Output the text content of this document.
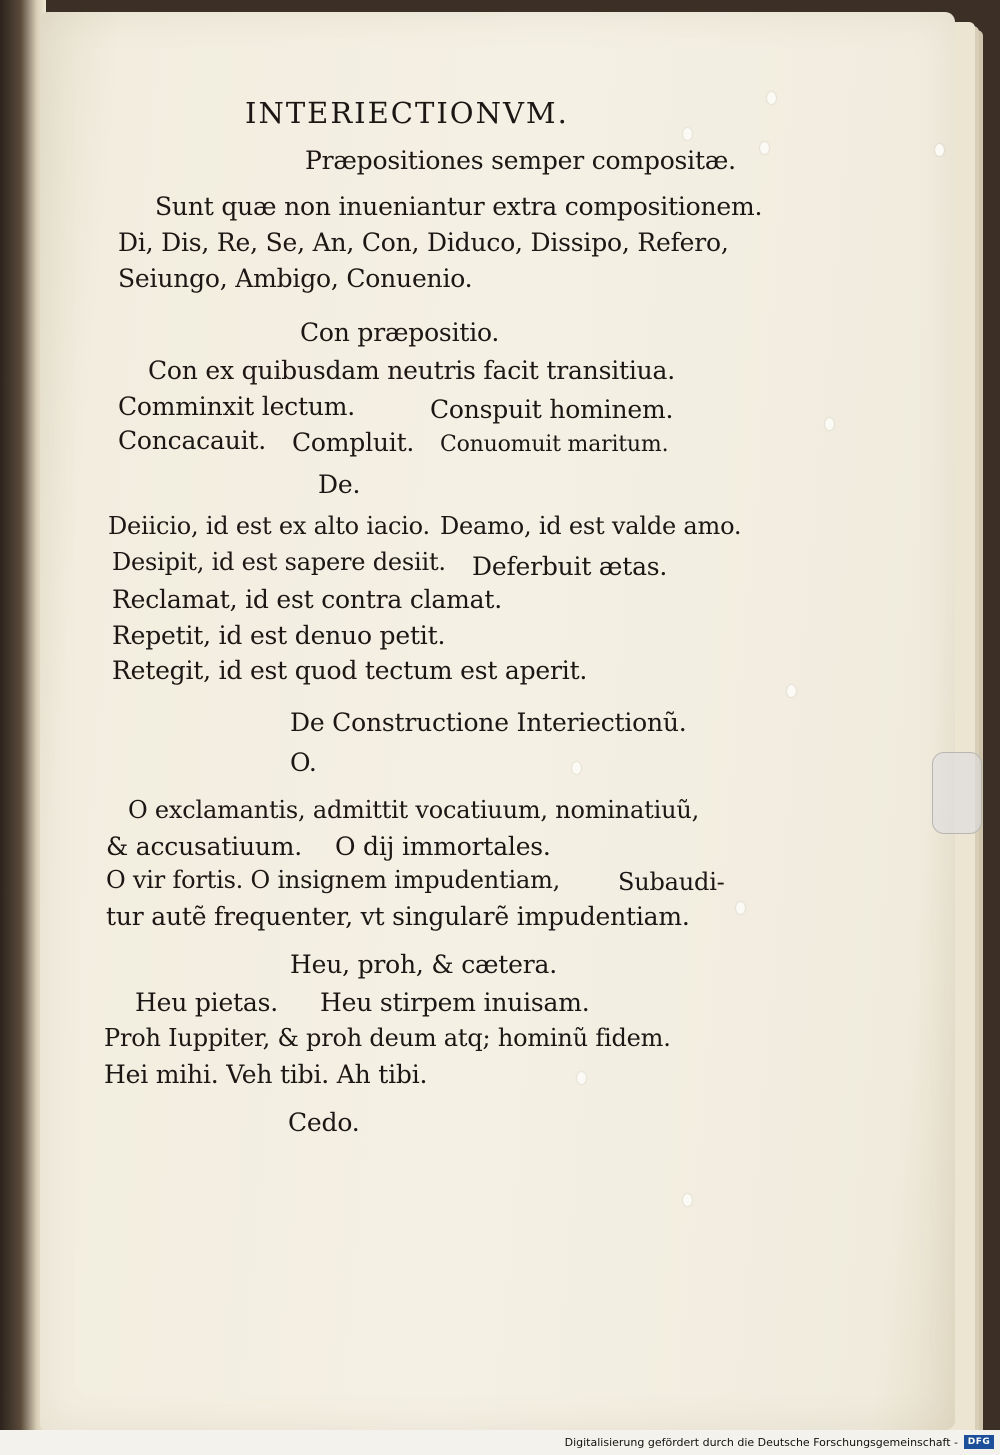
INTERIECTIONVM.
Præpositiones semper compositæ.
Sunt quæ non inueniantur extra compositionem.
Di, Dis, Re, Se, An, Con, Diduco, Dissipo, Refero,
Seiungo, Ambigo, Conuenio.
Con præpositio.
Con ex quibusdam neutris facit transitiua.
Comminxit lectum.	Conspuit hominem.
Concacauit. Compluit. Conuomuit maritum.
De.
Deiicio, id est ex alto iacio. Deamo, id est valde amo.
Desipit, id est sapere desiit. Deferbuit ætas.
Reclamat, id est contra clamat.
Repetit, id est denuo petit.
Retegit, id est quod tectum est aperit.
De Constructione Interiectionũ.
O.
O exclamantis, admittit vocatiuum, nominatiuũ,
& accusatiuum. O dij immortales.
O vir fortis. O insignem impudentiam, Subaudi-
tur autẽ frequenter, vt singularẽ impudentiam.
Heu, proh, & cætera.
Heu pietas. Heu stirpem inuisam.
Proh Iuppiter, & proh deum atq; hominũ fidem.
Hei mihi. Veh tibi. Ah tibi.
Cedo.
Digitalisierung gefördert durch die Deutsche Forschungsgemeinschaft -	DFG
